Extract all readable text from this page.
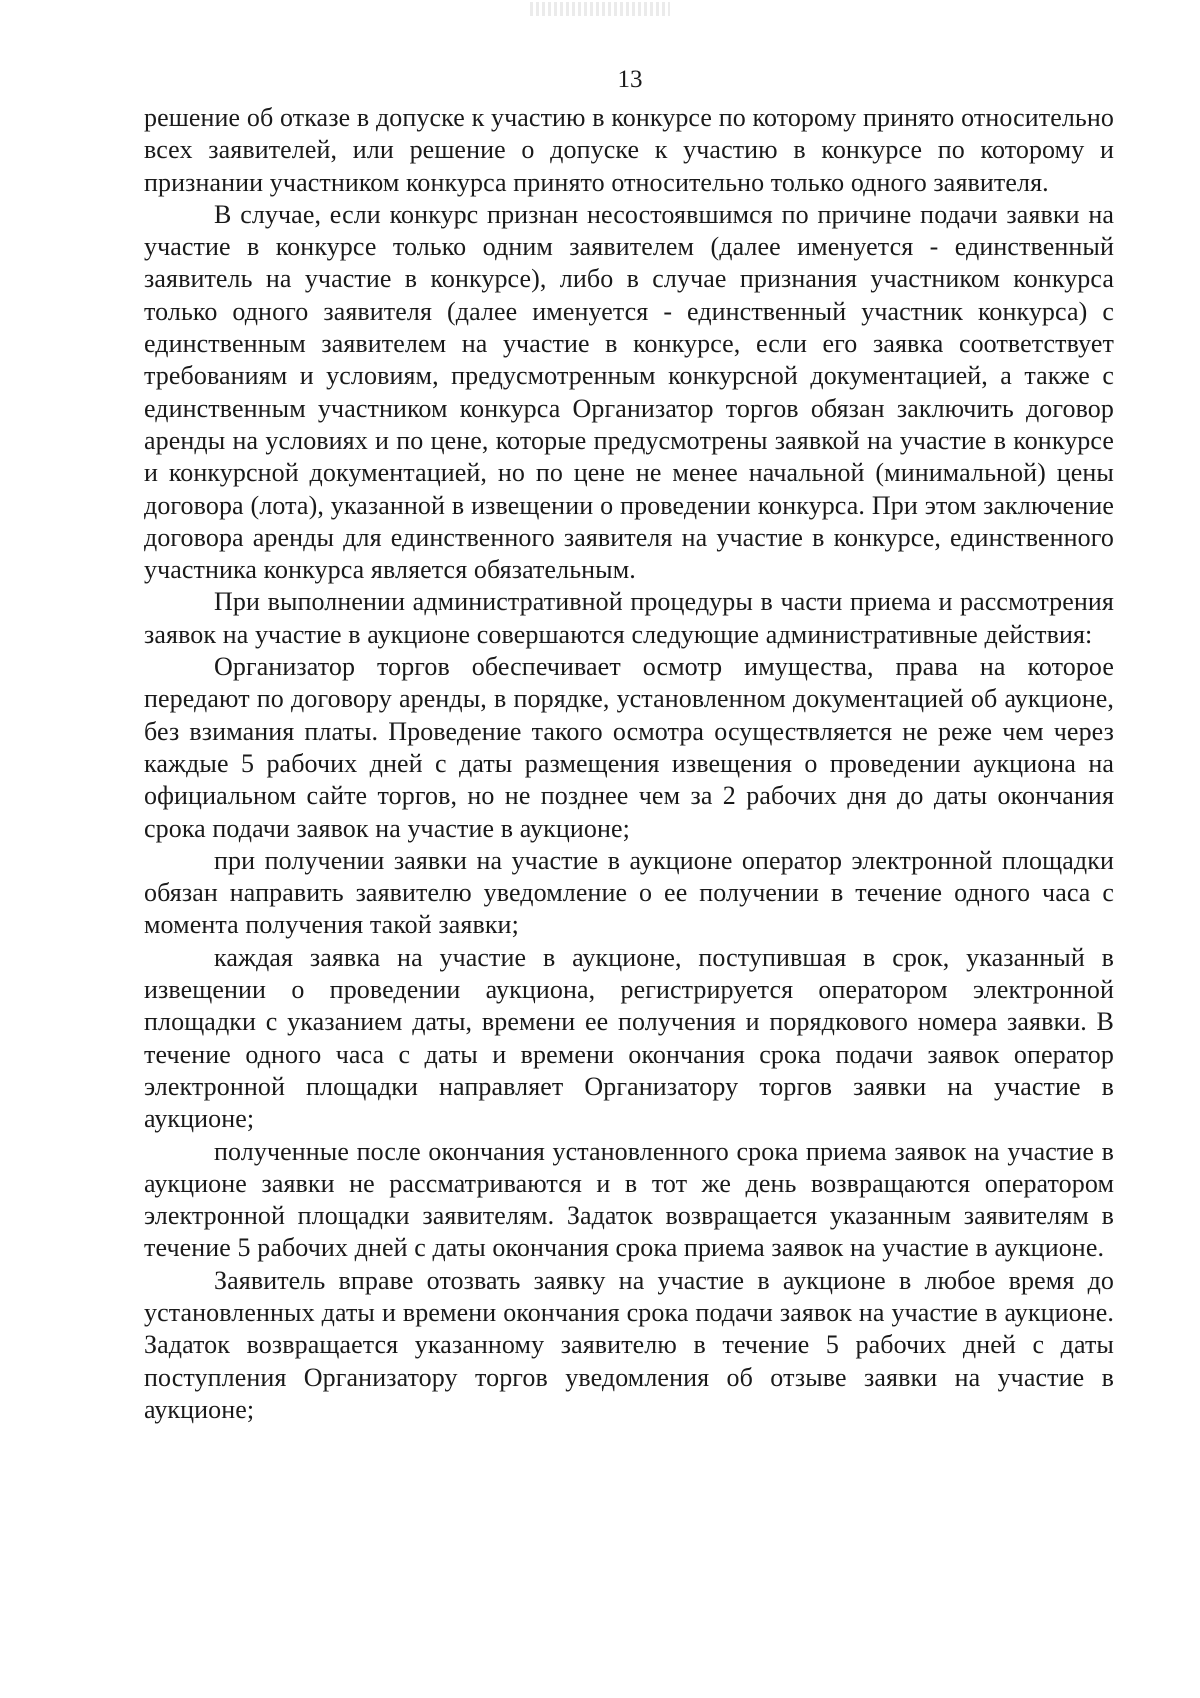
13

решение об отказе в допуске к участию в конкурсе по которому принято относительно всех заявителей, или решение о допуске к участию в конкурсе по которому и признании участником конкурса принято относительно только одного заявителя.

В случае, если конкурс признан несостоявшимся по причине подачи заявки на участие в конкурсе только одним заявителем (далее именуется - единственный заявитель на участие в конкурсе), либо в случае признания участником конкурса только одного заявителя (далее именуется - единственный участник конкурса) с единственным заявителем на участие в конкурсе, если его заявка соответствует требованиям и условиям, предусмотренным конкурсной документацией, а также с единственным участником конкурса Организатор торгов обязан заключить договор аренды на условиях и по цене, которые предусмотрены заявкой на участие в конкурсе и конкурсной документацией, но по цене не менее начальной (минимальной) цены договора (лота), указанной в извещении о проведении конкурса. При этом заключение договора аренды для единственного заявителя на участие в конкурсе, единственного участника конкурса является обязательным.

При выполнении административной процедуры в части приема и рассмотрения заявок на участие в аукционе совершаются следующие административные действия:

Организатор торгов обеспечивает осмотр имущества, права на которое передают по договору аренды, в порядке, установленном документацией об аукционе, без взимания платы. Проведение такого осмотра осуществляется не реже чем через каждые 5 рабочих дней с даты размещения извещения о проведении аукциона на официальном сайте торгов, но не позднее чем за 2 рабочих дня до даты окончания срока подачи заявок на участие в аукционе;

при получении заявки на участие в аукционе оператор электронной площадки обязан направить заявителю уведомление о ее получении в течение одного часа с момента получения такой заявки;

каждая заявка на участие в аукционе, поступившая в срок, указанный в извещении о проведении аукциона, регистрируется оператором электронной площадки с указанием даты, времени ее получения и порядкового номера заявки. В течение одного часа с даты и времени окончания срока подачи заявок оператор электронной площадки направляет Организатору торгов заявки на участие в аукционе;

полученные после окончания установленного срока приема заявок на участие в аукционе заявки не рассматриваются и в тот же день возвращаются оператором электронной площадки заявителям. Задаток возвращается указанным заявителям в течение 5 рабочих дней с даты окончания срока приема заявок на участие в аукционе.

Заявитель вправе отозвать заявку на участие в аукционе в любое время до установленных даты и времени окончания срока подачи заявок на участие в аукционе. Задаток возвращается указанному заявителю в течение 5 рабочих дней с даты поступления Организатору торгов уведомления об отзыве заявки на участие в аукционе;
